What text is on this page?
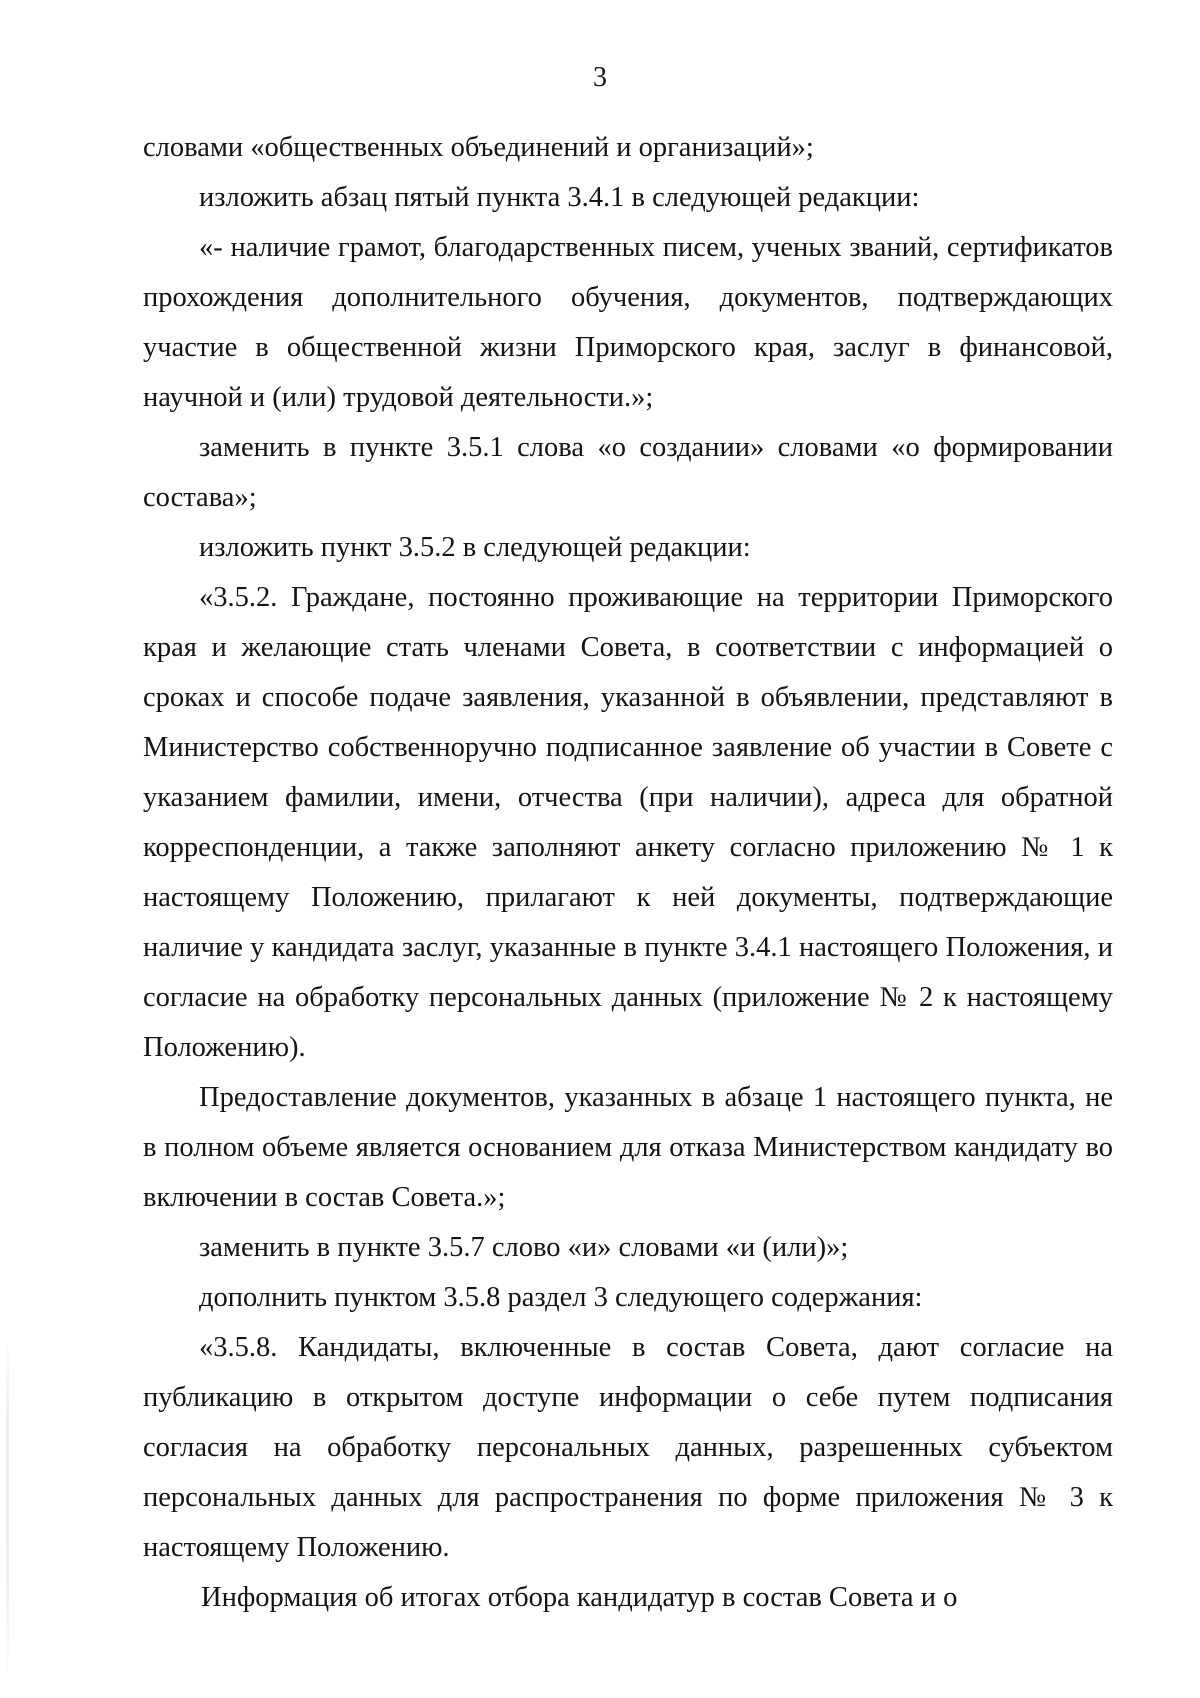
3

словами «общественных объединений и организаций»;

изложить абзац пятый пункта 3.4.1 в следующей редакции:

«- наличие грамот, благодарственных писем, ученых званий, сертификатов прохождения дополнительного обучения, документов, подтверждающих участие в общественной жизни Приморского края, заслуг в финансовой, научной и (или) трудовой деятельности.»;

заменить в пункте 3.5.1 слова «о создании» словами «о формировании состава»;

изложить пункт 3.5.2 в следующей редакции:

«3.5.2. Граждане, постоянно проживающие на территории Приморского края и желающие стать членами Совета, в соответствии с информацией о сроках и способе подаче заявления, указанной в объявлении, представляют в Министерство собственноручно подписанное заявление об участии в Совете с указанием фамилии, имени, отчества (при наличии), адреса для обратной корреспонденции, а также заполняют анкету согласно приложению № 1 к настоящему Положению, прилагают к ней документы, подтверждающие наличие у кандидата заслуг, указанные в пункте 3.4.1 настоящего Положения, и согласие на обработку персональных данных (приложение № 2 к настоящему Положению).

Предоставление документов, указанных в абзаце 1 настоящего пункта, не в полном объеме является основанием для отказа Министерством кандидату во включении в состав Совета.»;

заменить в пункте 3.5.7 слово «и» словами «и (или)»;

дополнить пунктом 3.5.8 раздел 3 следующего содержания:

«3.5.8. Кандидаты, включенные в состав Совета, дают согласие на публикацию в открытом доступе информации о себе путем подписания согласия на обработку персональных данных, разрешенных субъектом персональных данных для распространения по форме приложения № 3 к настоящему Положению.

Информация об итогах отбора кандидатур в состав Совета и о
